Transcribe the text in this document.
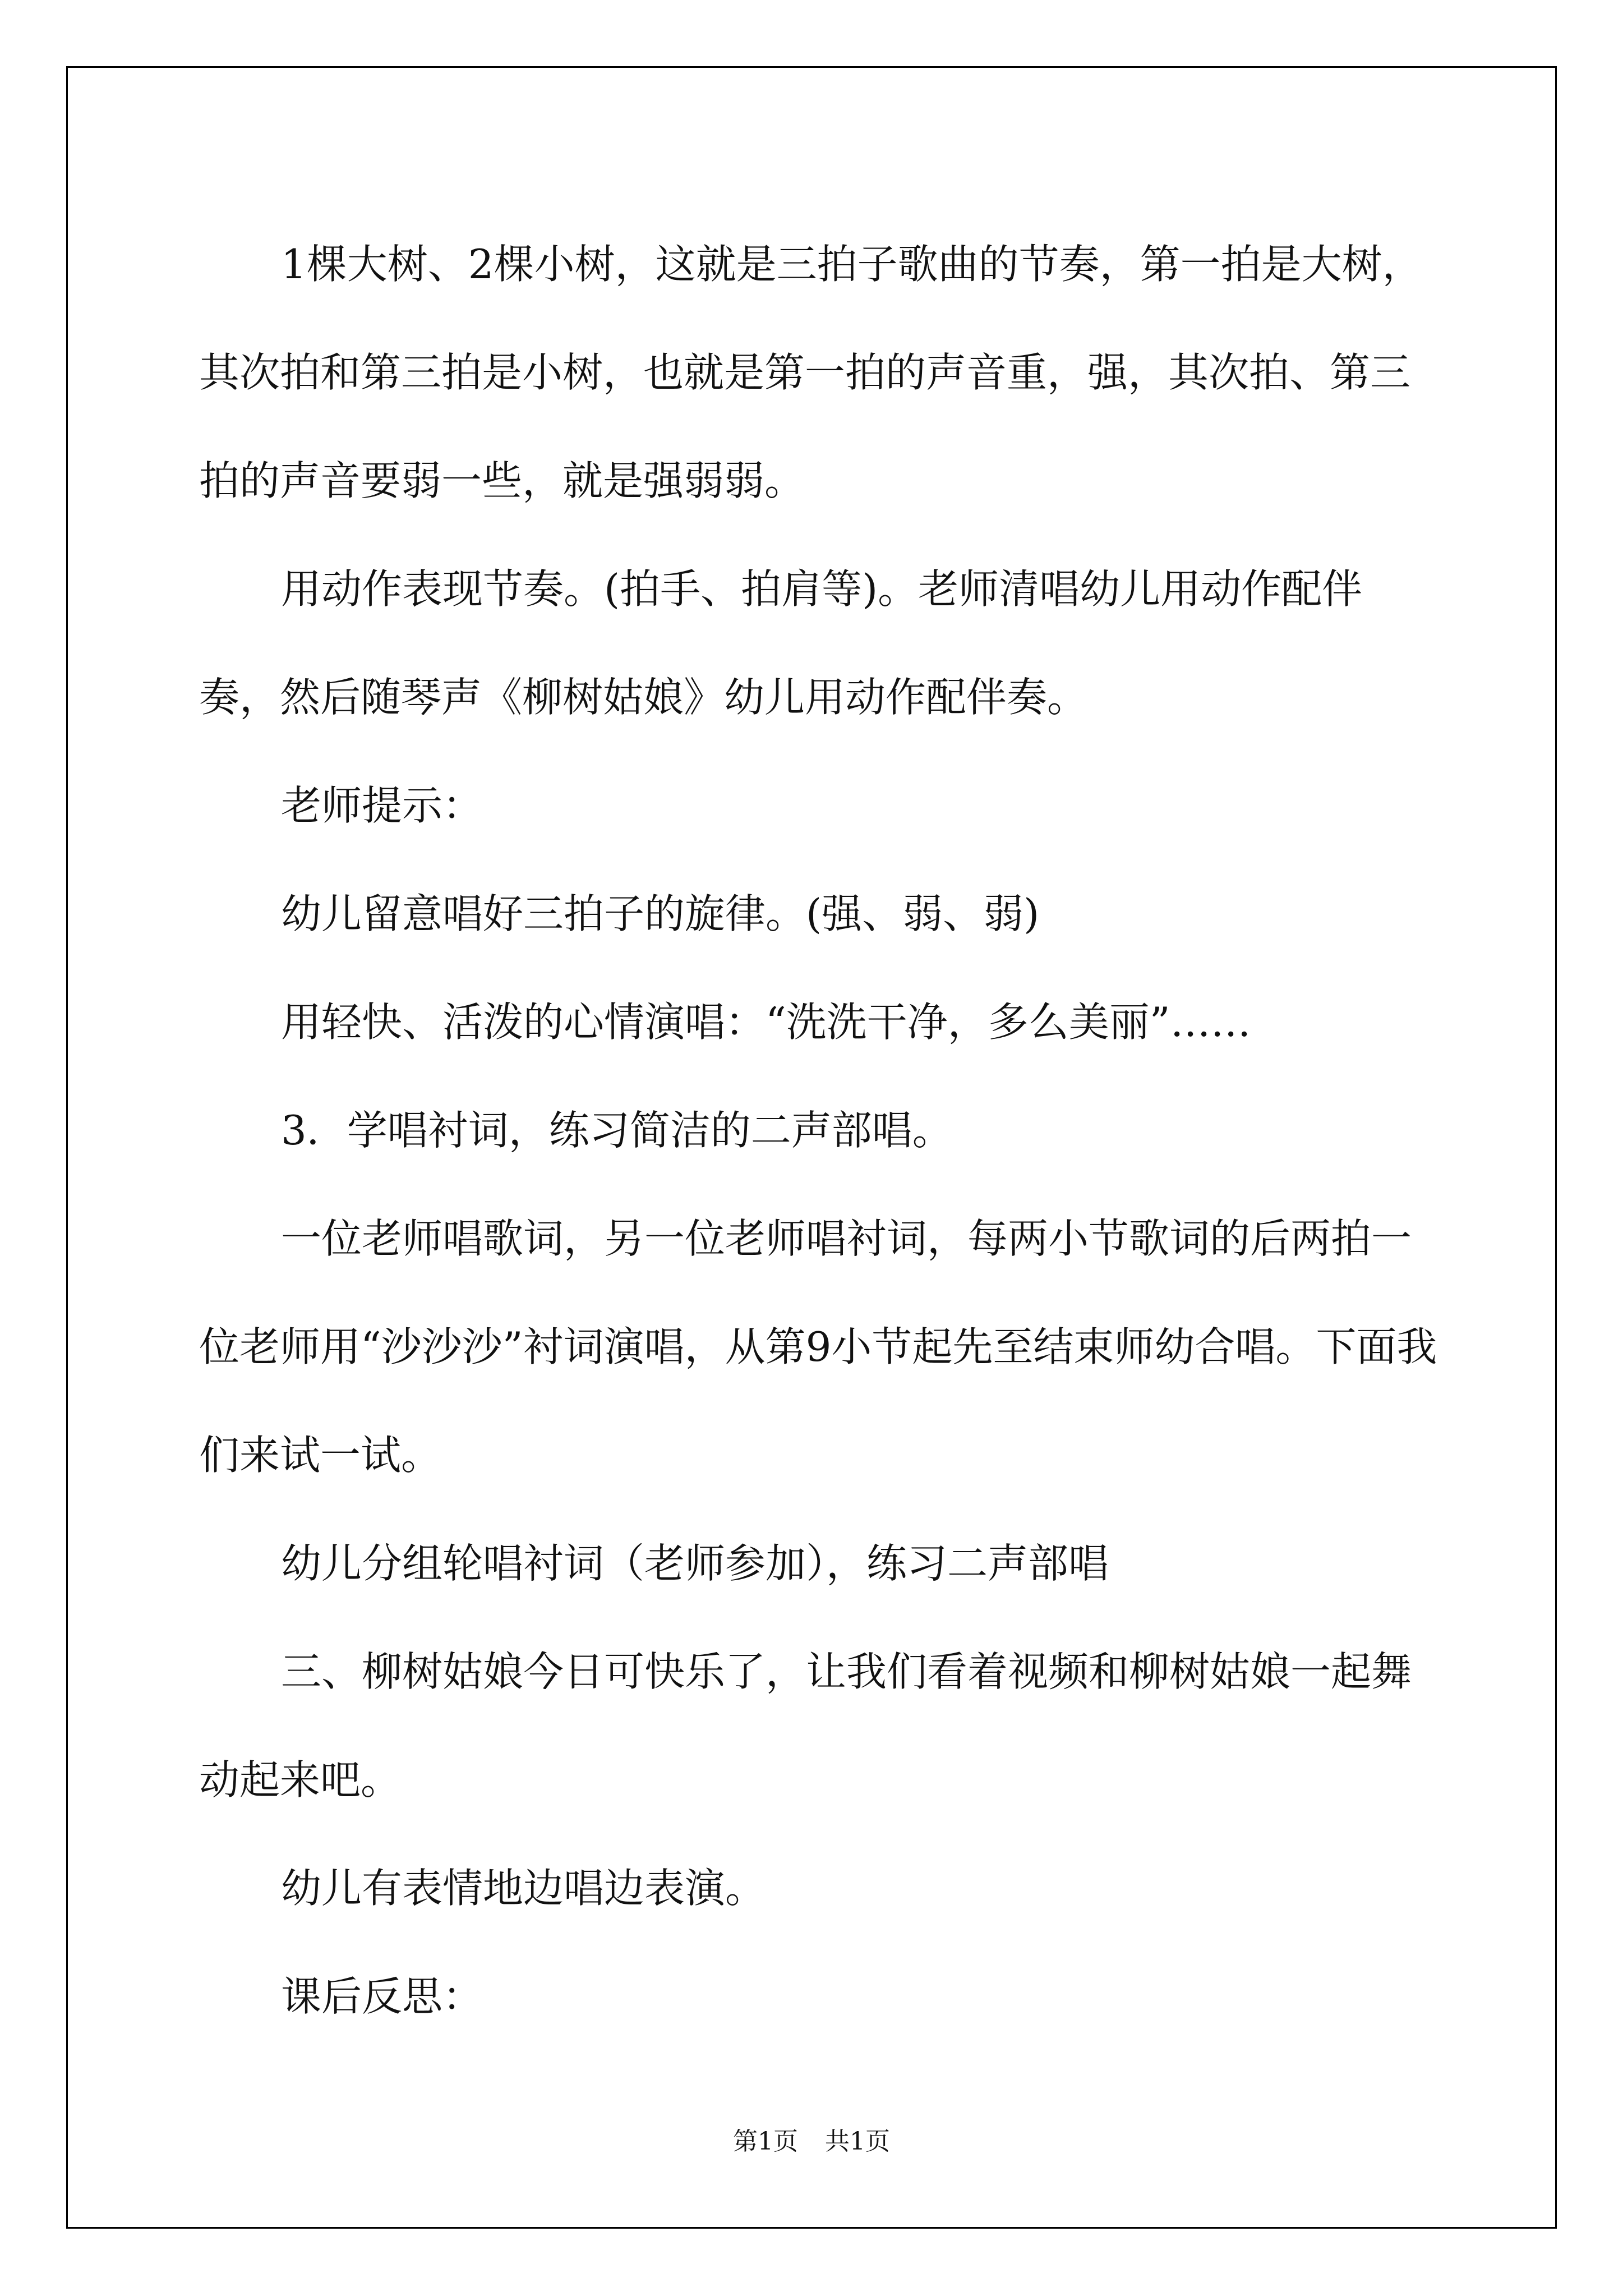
1棵大树、2棵小树，这就是三拍子歌曲的节奏，第一拍是大树，其次拍和第三拍是小树，也就是第一拍的声音重，强，其次拍、第三拍的声音要弱一些，就是强弱弱。

用动作表现节奏。(拍手、拍肩等)。老师清唱幼儿用动作配伴奏，然后随琴声《柳树姑娘》幼儿用动作配伴奏。

老师提示：

幼儿留意唱好三拍子的旋律。(强、弱、弱)

用轻快、活泼的心情演唱：“洗洗干净，多么美丽”……

3．学唱衬词，练习简洁的二声部唱。

一位老师唱歌词，另一位老师唱衬词，每两小节歌词的后两拍一位老师用“沙沙沙”衬词演唱，从第9小节起先至结束师幼合唱。下面我们来试一试。

幼儿分组轮唱衬词（老师参加），练习二声部唱

三、柳树姑娘今日可快乐了，让我们看着视频和柳树姑娘一起舞动起来吧。

幼儿有表情地边唱边表演。

课后反思：

第1页 共1页
